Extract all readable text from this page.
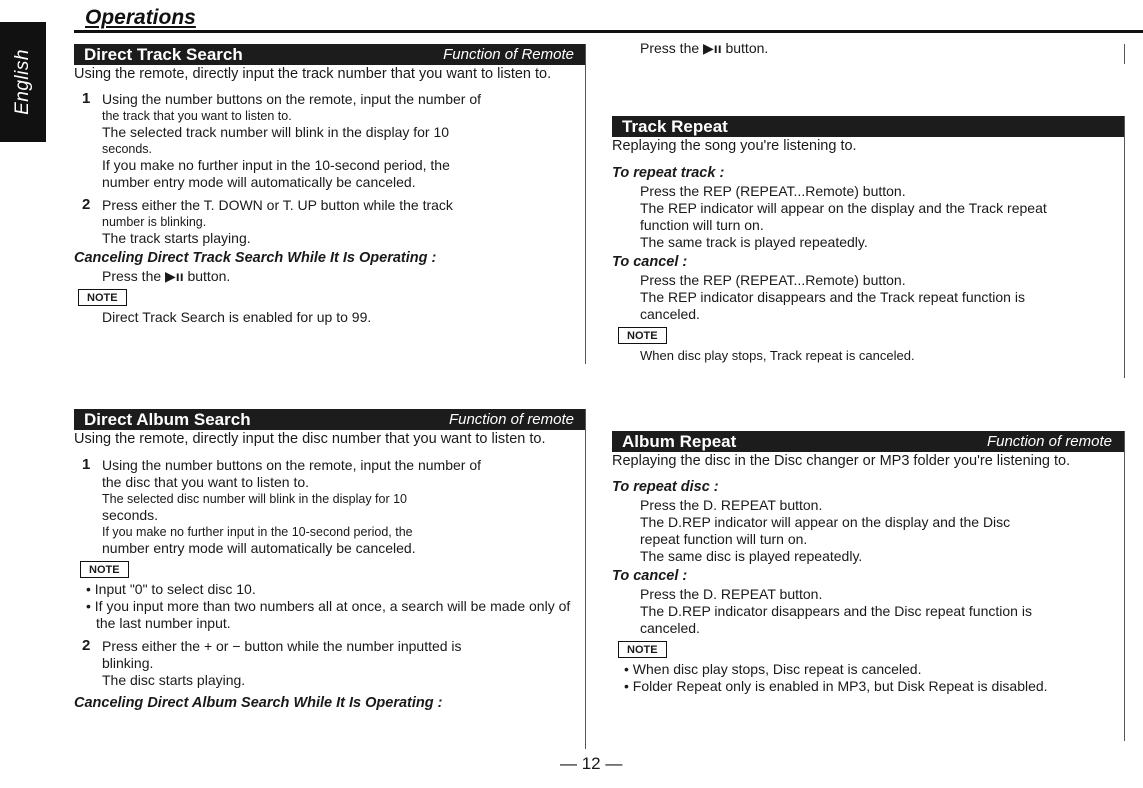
English
Operations
Direct Track Search	Function of Remote

Using the remote, directly input the track number that you want to listen to.

1 Using the number buttons on the remote, input the number of

the track that you want to listen to.

The selected track number will blink in the display for 10

seconds.

If you make no further input in the 10-second period, the

number entry mode will automatically be canceled.

2 Press either the T. DOWN or T. UP button while the track

number is blinking.

The track starts playing.

Canceling Direct Track Search While It Is Operating :
Press the ▶ıı button.
NOTE
Direct Track Search is enabled for up to 99.
Direct Album Search	Function of remote

Using the remote, directly input the disc number that you want to listen to.

1 Using the number buttons on the remote, input the number of

the disc that you want to listen to.

The selected disc number will blink in the display for 10

seconds.

If you make no further input in the 10-second period, the

number entry mode will automatically be canceled.

NOTE

• Input "0" to select disc 10.

• If you input more than two numbers all at once, a search will be made only of the last number input.

2 Press either the + or − button while the number inputted is

blinking.

The disc starts playing.

Canceling Direct Album Search While It Is Operating :
Press the ▶ıı button.
Track Repeat

Replaying the song you're listening to.

To repeat track :

Press the REP (REPEAT...Remote) button.

The REP indicator will appear on the display and the Track repeat

function will turn on.

The same track is played repeatedly.

To cancel :

Press the REP (REPEAT...Remote) button.

The REP indicator disappears and the Track repeat function is

canceled.

NOTE
When disc play stops, Track repeat is canceled.
Album Repeat	Function of remote

Replaying the disc in the Disc changer or MP3 folder you're listening to.

To repeat disc :

Press the D. REPEAT button.

The D.REP indicator will appear on the display and the Disc

repeat function will turn on.

The same disc is played repeatedly.

To cancel :

Press the D. REPEAT button.

The D.REP indicator disappears and the Disc repeat function is

canceled.

NOTE

• When disc play stops, Disc repeat is canceled.

• Folder Repeat only is enabled in MP3, but Disk Repeat is disabled.

— 12 —
